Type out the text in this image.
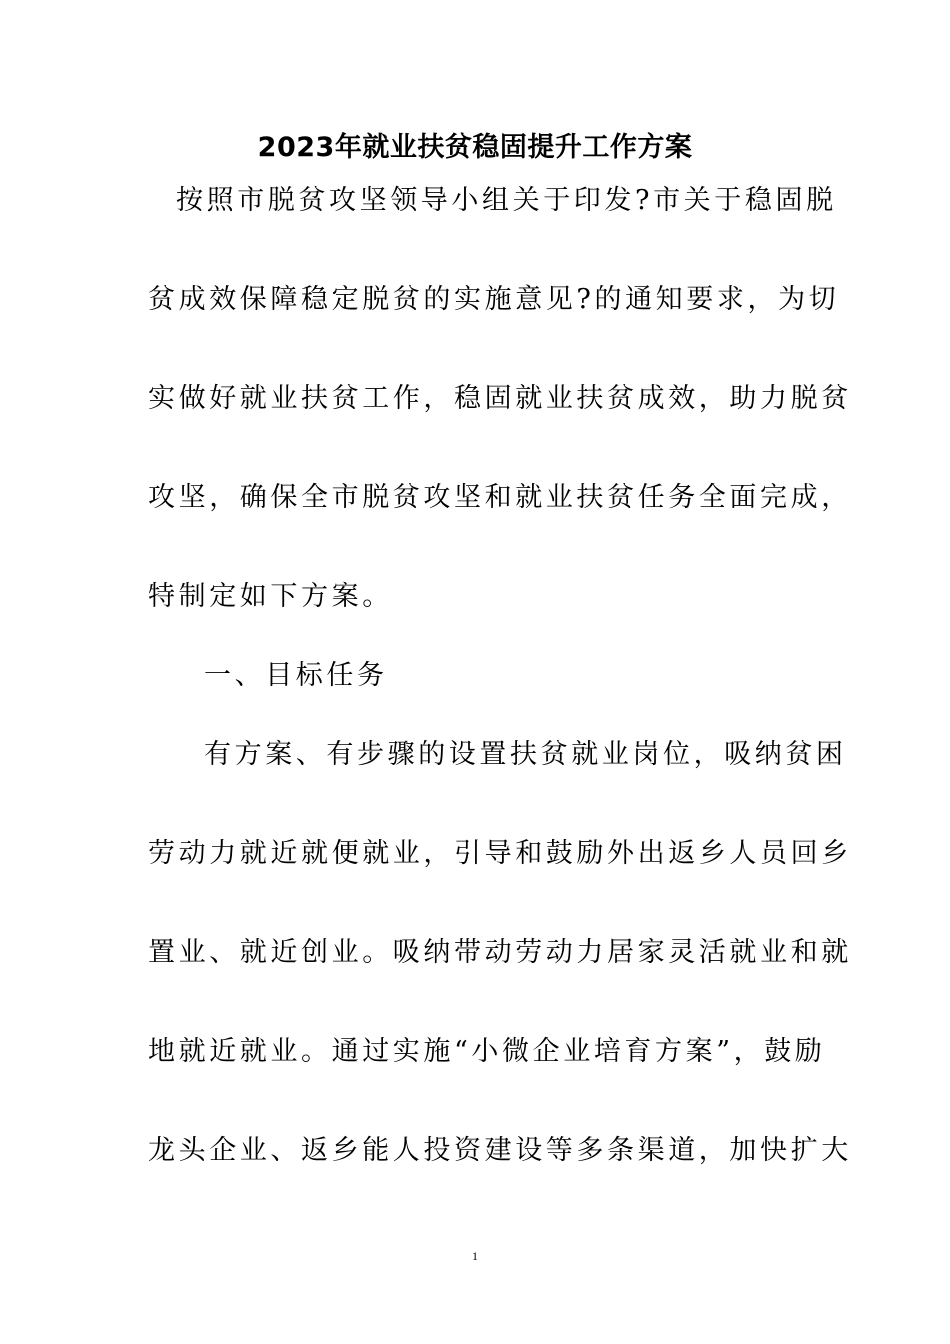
2023年就业扶贫稳固提升工作方案
按照市脱贫攻坚领导小组关于印发?市关于稳固脱
贫成效保障稳定脱贫的实施意见?的通知要求，为切
实做好就业扶贫工作，稳固就业扶贫成效，助力脱贫
攻坚，确保全市脱贫攻坚和就业扶贫任务全面完成，
特制定如下方案。
一、目标任务
有方案、有步骤的设置扶贫就业岗位，吸纳贫困
劳动力就近就便就业，引导和鼓励外出返乡人员回乡
置业、就近创业。吸纳带动劳动力居家灵活就业和就
地就近就业。通过实施“小微企业培育方案”，鼓励
龙头企业、返乡能人投资建设等多条渠道，加快扩大
1
